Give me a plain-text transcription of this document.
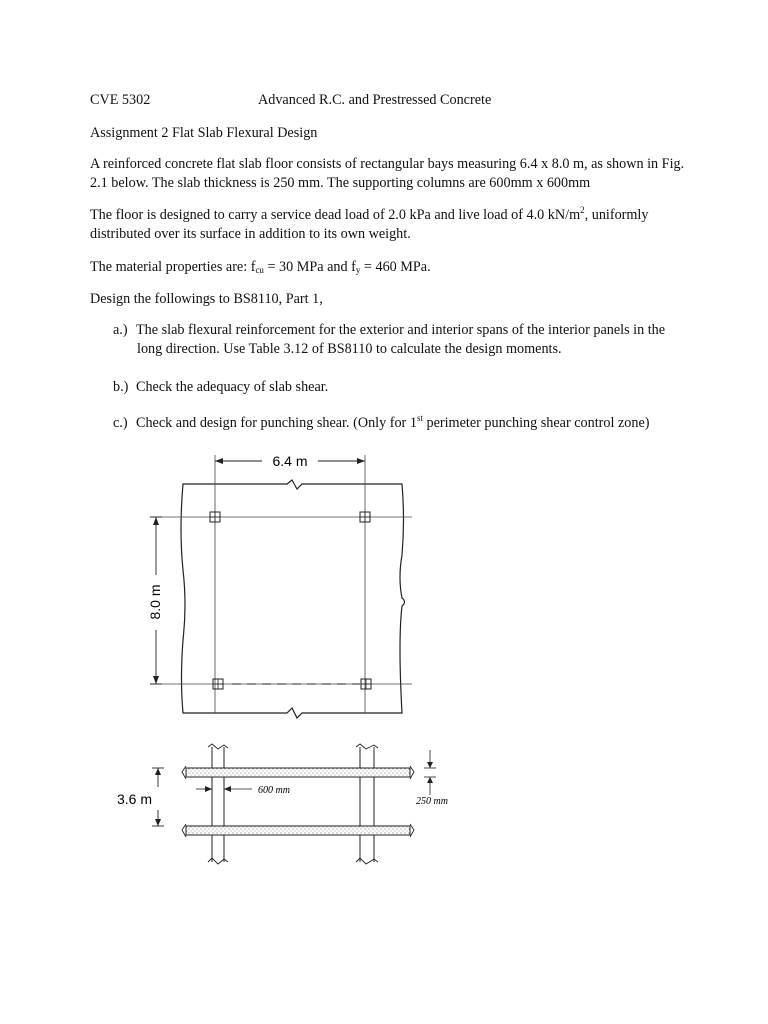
CVE 5302	Advanced R.C. and Prestressed Concrete
Assignment 2 Flat Slab Flexural Design
A reinforced concrete flat slab floor consists of rectangular bays measuring 6.4 x 8.0 m, as shown in Fig.
2.1 below. The slab thickness is 250 mm. The supporting columns are 600mm x 600mm
The floor is designed to carry a service dead load of 2.0 kPa and live load of 4.0 $kN/m^2$, uniformly
distributed over its surface in addition to its own weight.
The material properties are: $f_{cu} = 30$ MPa and $f_y = 460$ MPa.
Design the followings to BS8110, Part 1,
a.) The slab flexural reinforcement for the exterior and interior spans of the interior panels in the
long direction. Use Table 3.12 of BS8110 to calculate the design moments.
b.) Check the adequacy of slab shear.
c.) Check and design for punching shear. (Only for 1st perimeter punching shear control zone)
6.4 m
8.0 m
3.6 m
600 mm
250 mm
